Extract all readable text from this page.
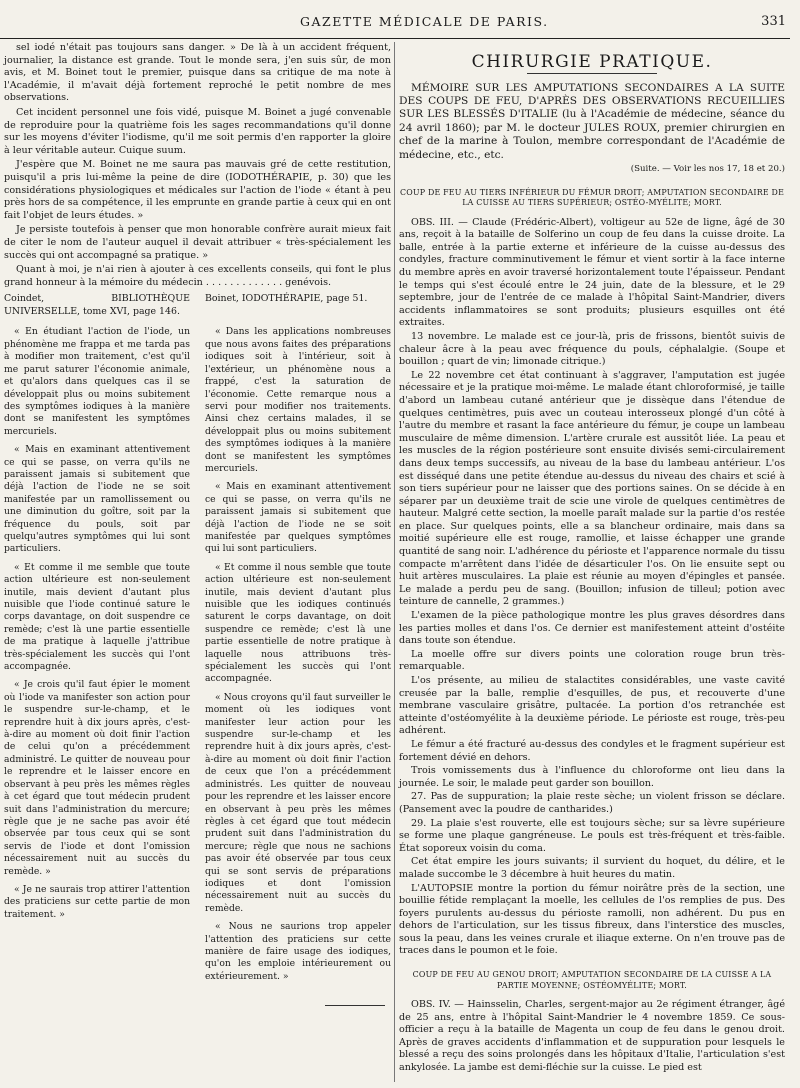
GAZETTE MÉDICALE DE PARIS.	331

sel iodé n'était pas toujours sans danger. » De là à un accident fréquent, journalier, la distance est grande. Tout le monde sera, j'en suis sûr, de mon avis, et M. Boinet tout le premier, puisque dans sa critique de ma note à l'Académie, il m'avait déjà fortement reproché le petit nombre de mes observations.

Cet incident personnel une fois vidé, puisque M. Boinet a jugé convenable de reproduire pour la quatrième fois les sages recommandations qu'il donne sur les moyens d'éviter l'iodisme, qu'il me soit permis d'en rapporter la gloire à leur véritable auteur. Cuique suum.

J'espère que M. Boinet ne me saura pas mauvais gré de cette restitution, puisqu'il a pris lui-même la peine de dire (IODOTHÉRAPIE, p. 30) que les considérations physiologiques et médicales sur l'action de l'iode « étant à peu près hors de sa compétence, il les emprunte en grande partie à ceux qui en ont fait l'objet de leurs études. »

Je persiste toutefois à penser que mon honorable confrère aurait mieux fait de citer le nom de l'auteur auquel il devait attribuer « très-spécialement les succès qui ont accompagné sa pratique. »

Quant à moi, je n'ai rien à ajouter à ces excellents conseils, qui font le plus grand honneur à la mémoire du médecin . . . . . . . . . . . . . genévois.

Coindet, BIBLIOTHÈQUE UNIVERSELLE, tome XVI, page 146.
Boinet, IODOTHÉRAPIE, page 51.

« En étudiant l'action de l'iode, un phénomène me frappa et me tarda pas à modifier mon traitement, c'est qu'il me parut saturer l'économie animale, et qu'alors dans quelques cas il se développait plus ou moins subitement des symptômes iodiques à la manière dont se manifestent les symptômes mercuriels.

« Mais en examinant attentivement ce qui se passe, on verra qu'ils ne paraissent jamais si subitement que déjà l'action de l'iode ne se soit manifestée par un ramollissement ou une diminution du goître, soit par la fréquence du pouls, soit par quelqu'autres symptômes qui lui sont particuliers.

« Et comme il me semble que toute action ultérieure est non-seulement inutile, mais devient d'autant plus nuisible que l'iode continué sature le corps davantage, on doit suspendre ce remède; c'est là une partie essentielle de ma pratique à laquelle j'attribue très-spécialement les succès qui l'ont accompagnée.

« Je crois qu'il faut épier le moment où l'iode va manifester son action pour le suspendre sur-le-champ, et le reprendre huit à dix jours après, c'est-à-dire au moment où doit finir l'action de celui qu'on a précédemment administré. Le quitter de nouveau pour le reprendre et le laisser encore en observant à peu près les mêmes règles à cet égard que tout médecin prudent suit dans l'administration du mercure; règle que je ne sache pas avoir été observée par tous ceux qui se sont servis de l'iode et dont l'omission nécessairement nuit au succès du remède. »

« Je ne saurais trop attirer l'attention des praticiens sur cette partie de mon traitement. »

« Dans les applications nombreuses que nous avons faites des préparations iodiques soit à l'intérieur, soit à l'extérieur, un phénomène nous a frappé, c'est la saturation de l'économie. Cette remarque nous a servi pour modifier nos traitements. Ainsi chez certains malades, il se développait plus ou moins subitement des symptômes iodiques à la manière dont se manifestent les symptômes mercuriels.

« Mais en examinant attentivement ce qui se passe, on verra qu'ils ne paraissent jamais si subitement que déjà l'action de l'iode ne se soit manifestée par quelques symptômes qui lui sont particuliers.

« Et comme il nous semble que toute action ultérieure est non-seulement inutile, mais devient d'autant plus nuisible que les iodiques continués saturent le corps davantage, on doit suspendre ce remède; c'est là une partie essentielle de notre pratique à laquelle nous attribuons très-spécialement les succès qui l'ont accompagnée.

« Nous croyons qu'il faut surveiller le moment où les iodiques vont manifester leur action pour les suspendre sur-le-champ et les reprendre huit à dix jours après, c'est-à-dire au moment où doit finir l'action de ceux que l'on a précédemment administrés. Les quitter de nouveau pour les reprendre et les laisser encore en observant à peu près les mêmes règles à cet égard que tout médecin prudent suit dans l'administration du mercure; règle que nous ne sachions pas avoir été observée par tous ceux qui se sont servis de préparations iodiques et dont l'omission nécessairement nuit au succès du remède.

« Nous ne saurions trop appeler l'attention des praticiens sur cette manière de faire usage des iodiques, qu'on les emploie intérieurement ou extérieurement. »

CHIRURGIE PRATIQUE.

MÉMOIRE SUR LES AMPUTATIONS SECONDAIRES A LA SUITE DES COUPS DE FEU, D'APRÈS DES OBSERVATIONS RECUEILLIES SUR LES BLESSÉS D'ITALIE (lu à l'Académie de médecine, séance du 24 avril 1860); par M. le docteur JULES ROUX, premier chirurgien en chef de la marine à Toulon, membre correspondant de l'Académie de médecine, etc., etc.

(Suite. — Voir les nos 17, 18 et 20.)
COUP DE FEU AU TIERS INFÉRIEUR DU FÉMUR DROIT; AMPUTATION SECONDAIRE DE LA CUISSE AU TIERS SUPÉRIEUR; OSTÉO-MYÉLITE; MORT.

OBS. III. — Claude (Frédéric-Albert), voltigeur au 52e de ligne, âgé de 30 ans, reçoit à la bataille de Solferino un coup de feu dans la cuisse droite. La balle, entrée à la partie externe et inférieure de la cuisse au-dessus des condyles, fracture comminutivement le fémur et vient sortir à la face interne du membre après en avoir traversé horizontalement toute l'épaisseur. Pendant le temps qui s'est écoulé entre le 24 juin, date de la blessure, et le 29 septembre, jour de l'entrée de ce malade à l'hôpital Saint-Mandrier, divers accidents inflammatoires se sont produits; plusieurs esquilles ont été extraites.

13 novembre. Le malade est ce jour-là, pris de frissons, bientôt suivis de chaleur âcre à la peau avec fréquence du pouls, céphalalgie. (Soupe et bouillon ; quart de vin; limonade citrique.)

Le 22 novembre cet état continuant à s'aggraver, l'amputation est jugée nécessaire et je la pratique moi-même. Le malade étant chloroformisé, je taille d'abord un lambeau cutané antérieur que je dissèque dans l'étendue de quelques centimètres, puis avec un couteau interosseux plongé d'un côté à l'autre du membre et rasant la face antérieure du fémur, je coupe un lambeau musculaire de même dimension. L'artère crurale est aussitôt liée. La peau et les muscles de la région postérieure sont ensuite divisés semi-circulairement dans deux temps successifs, au niveau de la base du lambeau antérieur. L'os est disséqué dans une petite étendue au-dessus du niveau des chairs et scié à son tiers supérieur pour ne laisser que des portions saines. On se décide à en séparer par un deuxième trait de scie une virole de quelques centimètres de hauteur. Malgré cette section, la moelle paraît malade sur la partie d'os restée en place. Sur quelques points, elle a sa blancheur ordinaire, mais dans sa moitié supérieure elle est rouge, ramollie, et laisse échapper une grande quantité de sang noir. L'adhérence du périoste et l'apparence normale du tissu compacte m'arrêtent dans l'idée de désarticuler l'os. On lie ensuite sept ou huit artères musculaires. La plaie est réunie au moyen d'épingles et pansée. Le malade a perdu peu de sang. (Bouillon; infusion de tilleul; potion avec teinture de cannelle, 2 grammes.)

L'examen de la pièce pathologique montre les plus graves désordres dans les parties molles et dans l'os. Ce dernier est manifestement atteint d'ostéite dans toute son étendue.

La moelle offre sur divers points une coloration rouge brun très-remarquable.

L'os présente, au milieu de stalactites considérables, une vaste cavité creusée par la balle, remplie d'esquilles, de pus, et recouverte d'une membrane vasculaire grisâtre, pultacée. La portion d'os retranchée est atteinte d'ostéomyélite à la deuxième période. Le périoste est rouge, très-peu adhérent.

Le fémur a été fracturé au-dessus des condyles et le fragment supérieur est fortement dévié en dehors.

Trois vomissements dus à l'influence du chloroforme ont lieu dans la journée. Le soir, le malade peut garder son bouillon.

27. Pas de suppuration; la plaie reste sèche; un violent frisson se déclare. (Pansement avec la poudre de cantharides.)

29. La plaie s'est rouverte, elle est toujours sèche; sur sa lèvre supérieure se forme une plaque gangréneuse. Le pouls est très-fréquent et très-faible. État soporeux voisin du coma.

Cet état empire les jours suivants; il survient du hoquet, du délire, et le malade succombe le 3 décembre à huit heures du matin.

L'AUTOPSIE montre la portion du fémur noirâtre près de la section, une bouillie fétide remplaçant la moelle, les cellules de l'os remplies de pus. Des foyers purulents au-dessus du périoste ramolli, non adhérent. Du pus en dehors de l'articulation, sur les tissus fibreux, dans l'interstice des muscles, sous la peau, dans les veines crurale et iliaque externe. On n'en trouve pas de traces dans le poumon et le foie.

COUP DE FEU AU GENOU DROIT; AMPUTATION SECONDAIRE DE LA CUISSE A LA PARTIE MOYENNE; OSTÉOMYÉLITE; MORT.

OBS. IV. — Hainsselin, Charles, sergent-major au 2e régiment étranger, âgé de 25 ans, entre à l'hôpital Saint-Mandrier le 4 novembre 1859. Ce sous-officier a reçu à la bataille de Magenta un coup de feu dans le genou droit. Après de graves accidents d'inflammation et de suppuration pour lesquels le blessé a reçu des soins prolongés dans les hôpitaux d'Italie, l'articulation s'est ankylosée. La jambe est demi-fléchie sur la cuisse. Le pied est
